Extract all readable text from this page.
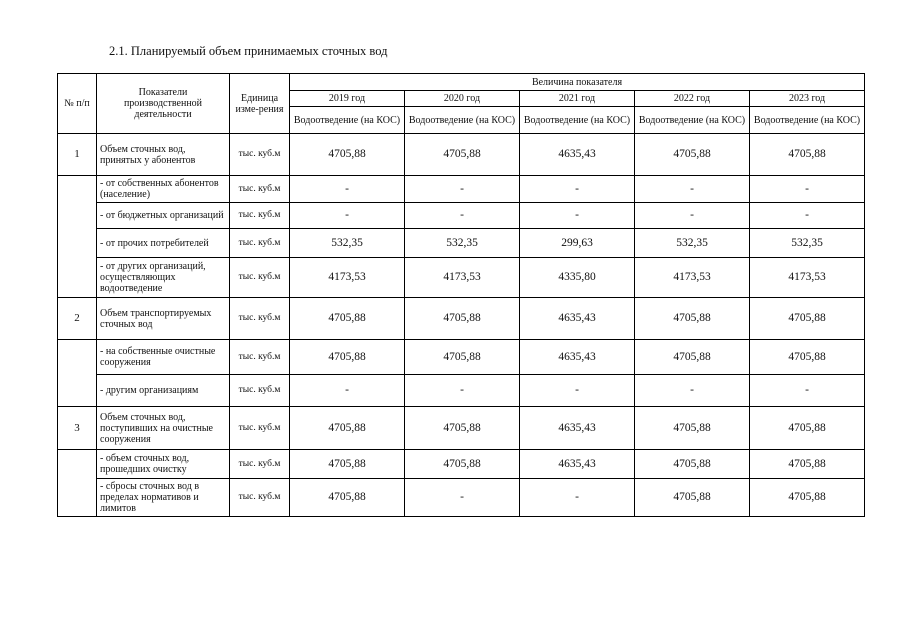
2.1. Планируемый объем принимаемых сточных вод
№ п/п	Показатели производственной деятельности	Единица изме-рения	Величина показателя				
			2019 год	2020 год	2021 год	2022 год	2023 год
			Водоотведение (на КОС)	Водоотведение (на КОС)	Водоотведение (на КОС)	Водоотведение (на КОС)	Водоотведение (на КОС)
1	Объем сточных вод, принятых у абонентов	тыс. куб.м	4705,88	4705,88	4635,43	4705,88	4705,88
	- от собственных абонентов (население)	тыс. куб.м	-	-	-	-	-
	- от бюджетных организаций	тыс. куб.м	-	-	-	-	-
	- от прочих потребителей	тыс. куб.м	532,35	532,35	299,63	532,35	532,35
	- от других организаций, осуществляющих водоотведение	тыс. куб.м	4173,53	4173,53	4335,80	4173,53	4173,53
2	Объем транспортируемых сточных вод	тыс. куб.м	4705,88	4705,88	4635,43	4705,88	4705,88
	- на собственные очистные сооружения	тыс. куб.м	4705,88	4705,88	4635,43	4705,88	4705,88
	- другим организациям	тыс. куб.м	-	-	-	-	-
3	Объем сточных вод, поступивших на очистные сооружения	тыс. куб.м	4705,88	4705,88	4635,43	4705,88	4705,88
	- объем сточных вод, прошедших очистку	тыс. куб.м	4705,88	4705,88	4635,43	4705,88	4705,88
	- сбросы сточных вод в пределах нормативов и лимитов	тыс. куб.м	4705,88	-	-	4705,88	4705,88
